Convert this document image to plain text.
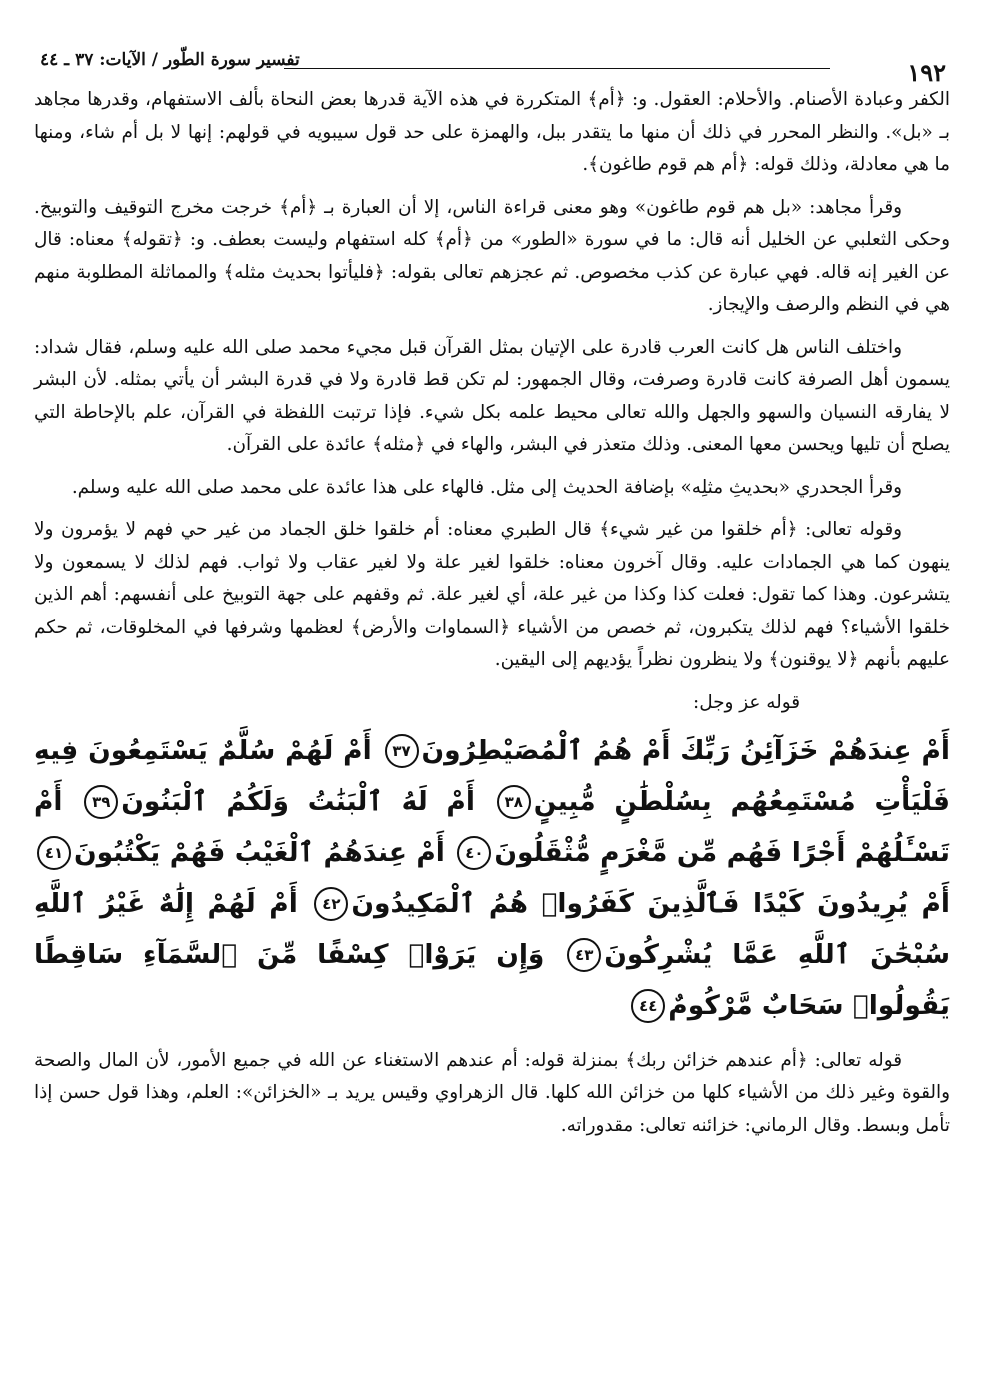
١٩٢
تفسير سورة الطّور / الآيات: ٣٧ ـ ٤٤

الكفر وعبادة الأصنام. والأحلام: العقول. و: ﴿أم﴾ المتكررة في هذه الآية قدرها بعض النحاة بألف الاستفهام، وقدرها مجاهد بـ «بل». والنظر المحرر في ذلك أن منها ما يتقدر ببل، والهمزة على حد قول سيبويه في قولهم: إنها لا بل أم شاء، ومنها ما هي معادلة، وذلك قوله: ﴿أم هم قوم طاغون﴾.

وقرأ مجاهد: «بل هم قوم طاغون» وهو معنى قراءة الناس، إلا أن العبارة بـ ﴿أم﴾ خرجت مخرج التوقيف والتوبيخ. وحكى الثعلبي عن الخليل أنه قال: ما في سورة «الطور» من ﴿أم﴾ كله استفهام وليست بعطف. و: ﴿تقوله﴾ معناه: قال عن الغير إنه قاله. فهي عبارة عن كذب مخصوص. ثم عجزهم تعالى بقوله: ﴿فليأتوا بحديث مثله﴾ والمماثلة المطلوبة منهم هي في النظم والرصف والإيجاز.

واختلف الناس هل كانت العرب قادرة على الإتيان بمثل القرآن قبل مجيء محمد صلى الله عليه وسلم، فقال شداد: يسمون أهل الصرفة كانت قادرة وصرفت، وقال الجمهور: لم تكن قط قادرة ولا في قدرة البشر أن يأتي بمثله. لأن البشر لا يفارقه النسيان والسهو والجهل والله تعالى محيط علمه بكل شيء. فإذا ترتبت اللفظة في القرآن، علم بالإحاطة التي يصلح أن تليها ويحسن معها المعنى. وذلك متعذر في البشر، والهاء في ﴿مثله﴾ عائدة على القرآن.

وقرأ الجحدري «بحديثِ مثلِه» بإضافة الحديث إلى مثل. فالهاء على هذا عائدة على محمد صلى الله عليه وسلم.

وقوله تعالى: ﴿أم خلقوا من غير شيء﴾ قال الطبري معناه: أم خلقوا خلق الجماد من غير حي فهم لا يؤمرون ولا ينهون كما هي الجمادات عليه. وقال آخرون معناه: خلقوا لغير علة ولا لغير عقاب ولا ثواب. فهم لذلك لا يسمعون ولا يتشرعون. وهذا كما تقول: فعلت كذا وكذا من غير علة، أي لغير علة. ثم وقفهم على جهة التوبيخ على أنفسهم: أهم الذين خلقوا الأشياء؟ فهم لذلك يتكبرون، ثم خصص من الأشياء ﴿السماوات والأرض﴾ لعظمها وشرفها في المخلوقات، ثم حكم عليهم بأنهم ﴿لا يوقنون﴾ ولا ينظرون نظراً يؤديهم إلى اليقين.

قوله عز وجل:

أَمْ عِندَهُمْ خَزَآئِنُ رَبِّكَ أَمْ هُمُ ٱلْمُصَيْطِرُونَ٣٧ أَمْ لَهُمْ سُلَّمٌ يَسْتَمِعُونَ فِيهِ فَلْيَأْتِ مُسْتَمِعُهُم بِسُلْطَٰنٍ مُّبِينٍ٣٨ أَمْ لَهُ ٱلْبَنَٰتُ وَلَكُمُ ٱلْبَنُونَ٣٩ أَمْ تَسْـَٔلُهُمْ أَجْرًا فَهُم مِّن مَّغْرَمٍ مُّثْقَلُونَ٤٠ أَمْ عِندَهُمُ ٱلْغَيْبُ فَهُمْ يَكْتُبُونَ٤١ أَمْ يُرِيدُونَ كَيْدًا فَٱلَّذِينَ كَفَرُوا۟ هُمُ ٱلْمَكِيدُونَ٤٢ أَمْ لَهُمْ إِلَٰهٌ غَيْرُ ٱللَّهِ سُبْحَٰنَ ٱللَّهِ عَمَّا يُشْرِكُونَ٤٣ وَإِن يَرَوْا۟ كِسْفًا مِّنَ ٱلسَّمَآءِ سَاقِطًا يَقُولُوا۟ سَحَابٌ مَّرْكُومٌ٤٤

قوله تعالى: ﴿أم عندهم خزائن ربك﴾ بمنزلة قوله: أم عندهم الاستغناء عن الله في جميع الأمور، لأن المال والصحة والقوة وغير ذلك من الأشياء كلها من خزائن الله كلها. قال الزهراوي وقيس يريد بـ «الخزائن»: العلم، وهذا قول حسن إذا تأمل وبسط. وقال الرماني: خزائنه تعالى: مقدوراته.
